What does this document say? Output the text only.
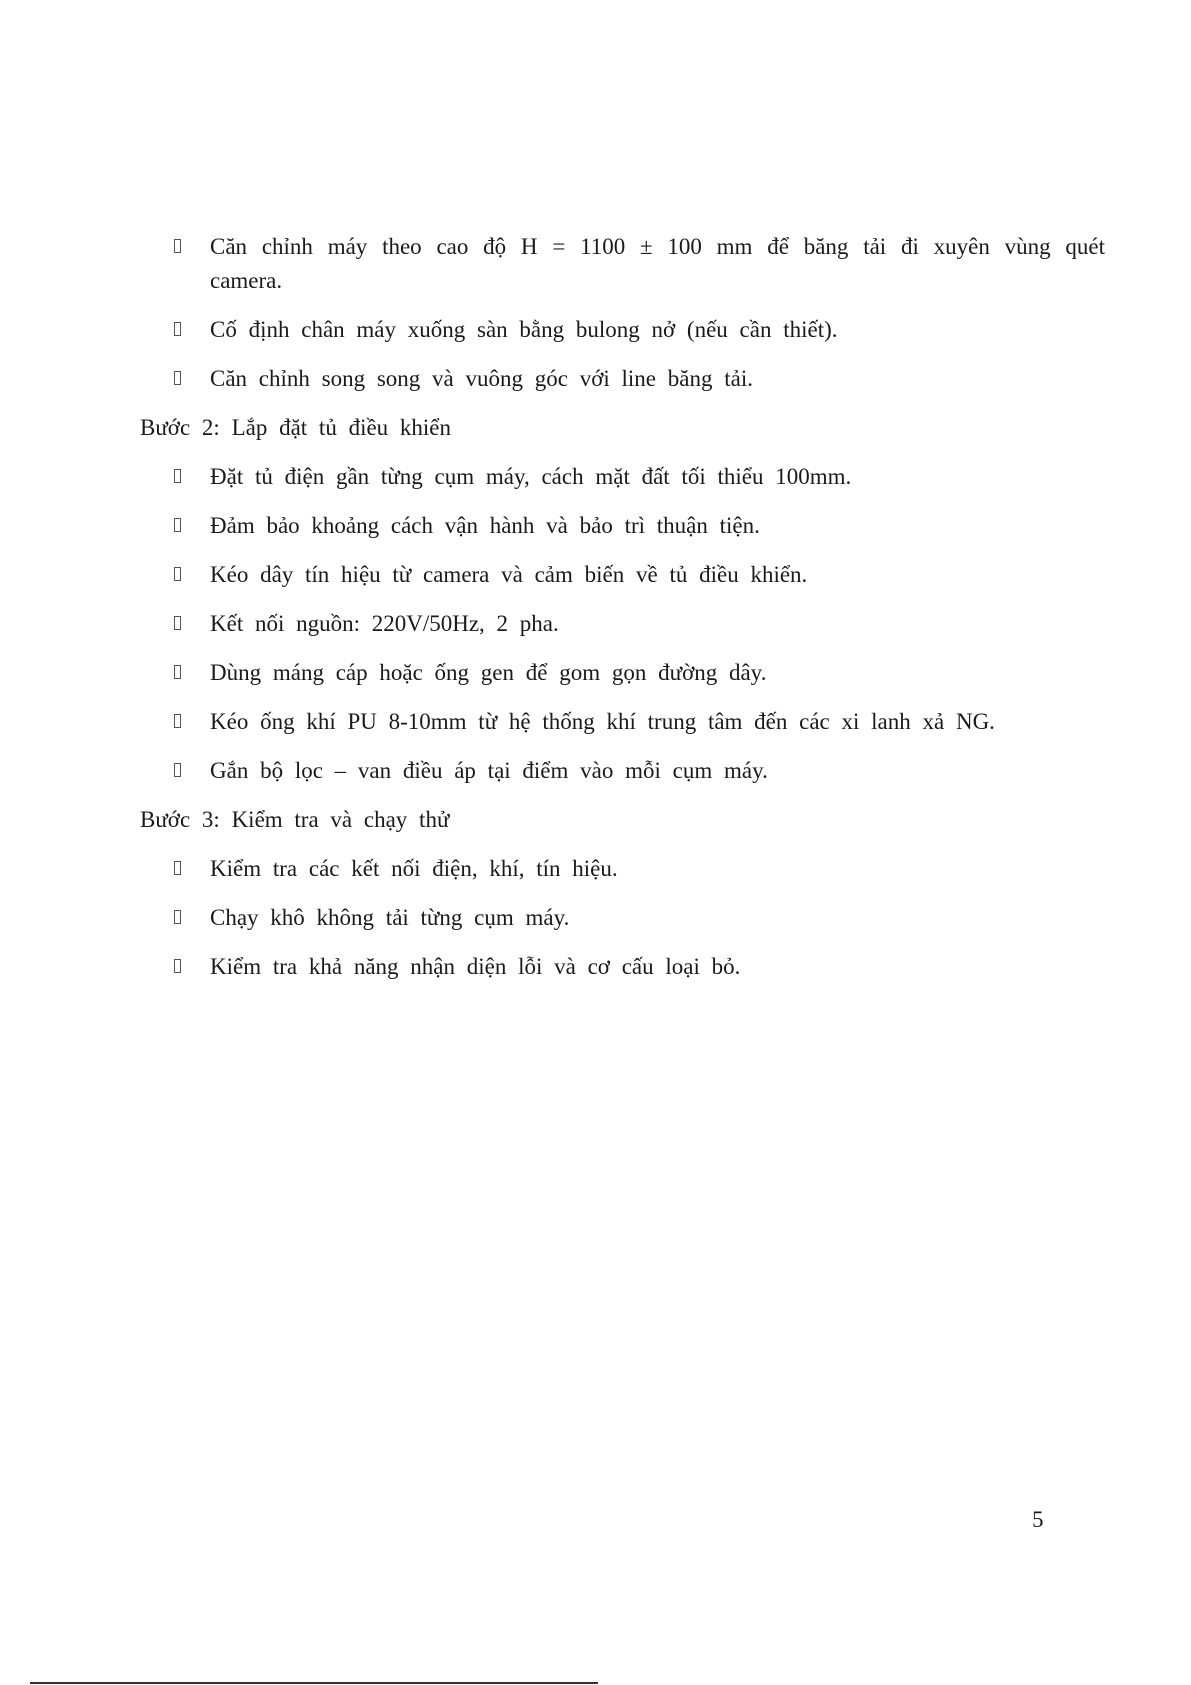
Căn chỉnh máy theo cao độ H = 1100 ± 100 mm để băng tải đi xuyên vùng quét camera.
Cố định chân máy xuống sàn bằng bulong nở (nếu cần thiết).
Căn chỉnh song song và vuông góc với line băng tải.
Bước 2: Lắp đặt tủ điều khiển
Đặt tủ điện gần từng cụm máy, cách mặt đất tối thiểu 100mm.
Đảm bảo khoảng cách vận hành và bảo trì thuận tiện.
Kéo dây tín hiệu từ camera và cảm biến về tủ điều khiển.
Kết nối nguồn: 220V/50Hz, 2 pha.
Dùng máng cáp hoặc ống gen để gom gọn đường dây.
Kéo ống khí PU 8-10mm từ hệ thống khí trung tâm đến các xi lanh xả NG.
Gắn bộ lọc – van điều áp tại điểm vào mỗi cụm máy.
Bước 3: Kiểm tra và chạy thử
Kiểm tra các kết nối điện, khí, tín hiệu.
Chạy khô không tải từng cụm máy.
Kiểm tra khả năng nhận diện lỗi và cơ cấu loại bỏ.
5
